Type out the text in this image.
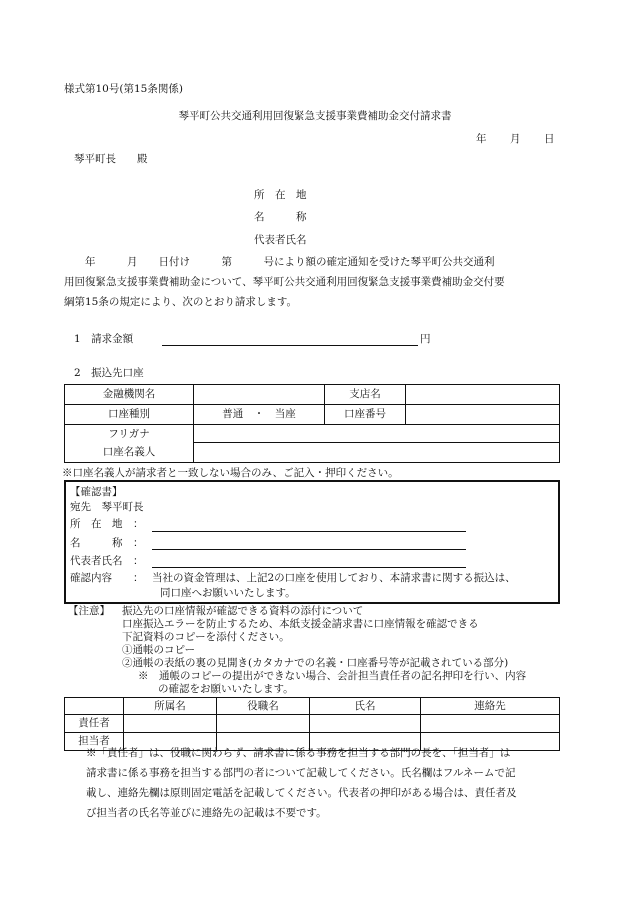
様式第10号(第15条関係)
琴平町公共交通利用回復緊急支援事業費補助金交付請求書
年 月 日
琴平町長　　殿
所　在　地
名　　　称
代表者氏名
　　年　　　月　　日付け　　　第　　　号により額の確定通知を受けた琴平町公共交通利
用回復緊急支援事業費補助金について、琴平町公共交通利用回復緊急支援事業費補助金交付要
綱第15条の規定により、次のとおり請求します。
1　請求金額	円
2　振込先口座
金融機関名		支店名	
口座種別	普通　・　当座	口座番号	
フリガナ			
口座名義人			
※口座名義人が請求者と一致しない場合のみ、ご記入・押印ください。
【確認書】
宛先　琴平町長
所　在　地　：
名　　　称　：
代表者氏名　：
確認内容　　： 当社の資金管理は、上記2の口座を使用しており、本請求書に関する振込は、
同口座へお願いいたします。
【注意】 振込先の口座情報が確認できる資料の添付について
口座振込エラーを防止するため、本紙支援金請求書に口座情報を確認できる
下記資料のコピーを添付ください。
①通帳のコピー
②通帳の表紙の裏の見開き(カタカナでの名義・口座番号等が記載されている部分)
※　通帳のコピーの提出ができない場合、会計担当責任者の記名押印を行い、内容
の確認をお願いいたします。
	所属名	役職名	氏名	連絡先
責任者				
担当者				
※「責任者」は、役職に関わらず、請求書に係る事務を担当する部門の長を、「担当者」は
請求書に係る事務を担当する部門の者について記載してください。氏名欄はフルネームで記
載し、連絡先欄は原則固定電話を記載してください。代表者の押印がある場合は、責任者及
び担当者の氏名等並びに連絡先の記載は不要です。
